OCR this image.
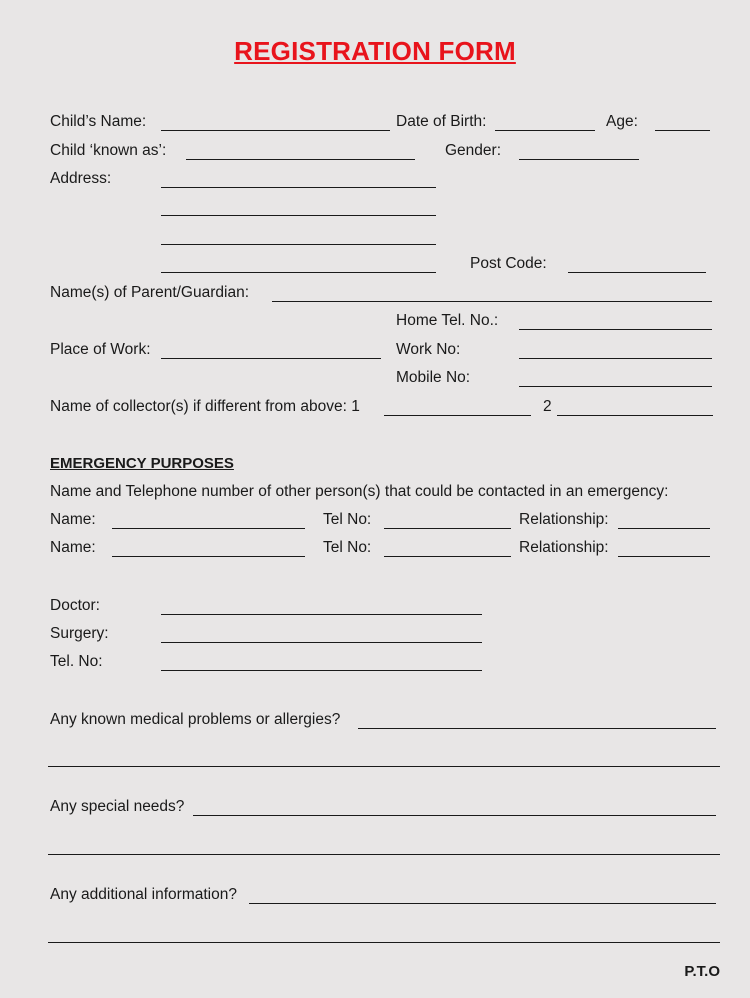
REGISTRATION FORM
Child’s Name:	Date of Birth:	Age:
Child ‘known as’:	Gender:
Address:
Post Code:
Name(s) of Parent/Guardian:
Home Tel. No.:
Place of Work:	Work No:
Mobile No:
Name of collector(s) if different from above: 1	2
EMERGENCY PURPOSES
Name and Telephone number of other person(s) that could be contacted in an emergency:
Name:	Tel No:	Relationship:
Name:	Tel No:	Relationship:
Doctor:
Surgery:
Tel. No:
Any known medical problems or allergies?
Any special needs?
Any additional information?
P.T.O
